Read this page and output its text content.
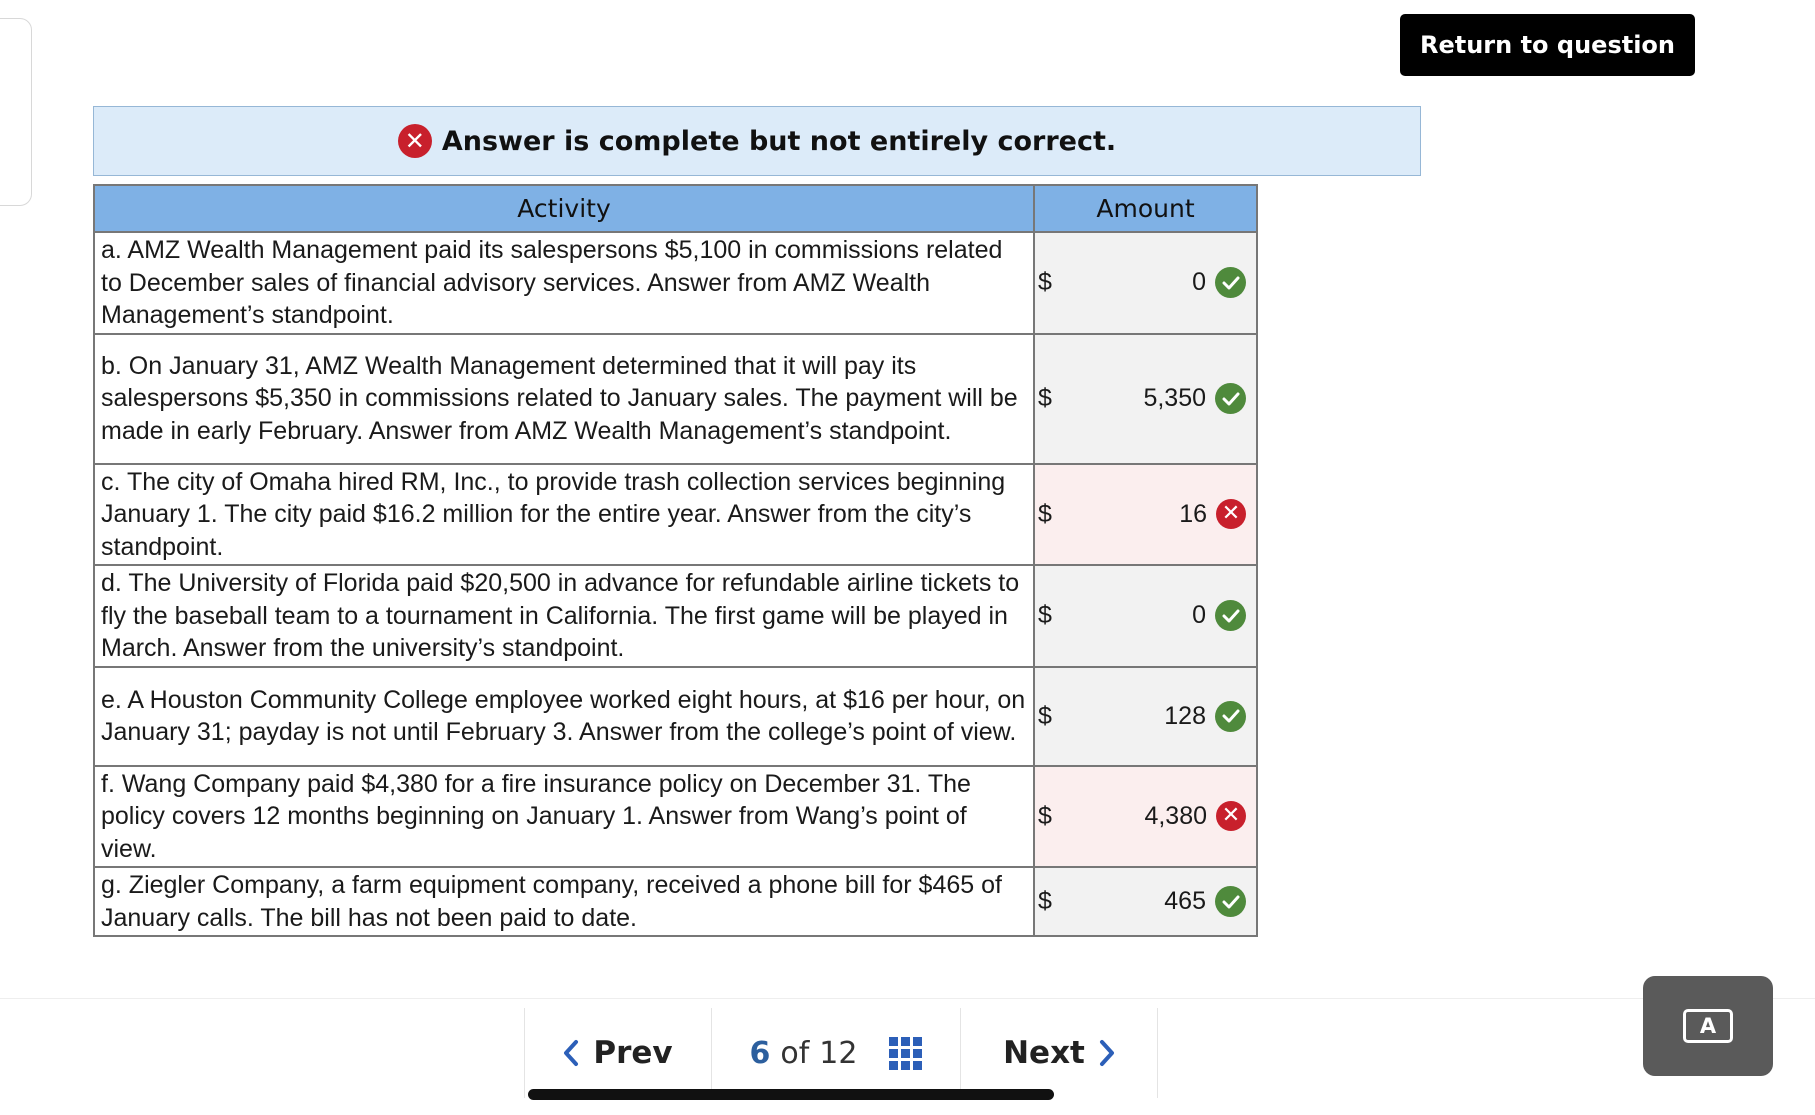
Return to question
✕ Answer is complete but not entirely correct.
Activity	Amount
a. AMZ Wealth Management paid its salespersons $5,100 in commissions related to December sales of financial advisory services. Answer from AMZ Wealth Management’s standpoint.	$ 0

b. On January 31, AMZ Wealth Management determined that it will pay its salespersons $5,350 in commissions related to January sales. The payment will be made in early February. Answer from AMZ Wealth Management’s standpoint.	$ 5,350

c. The city of Omaha hired RM, Inc., to provide trash collection services beginning January 1. The city paid $16.2 million for the entire year. Answer from the city’s standpoint.	$ 16 ✕

d. The University of Florida paid $20,500 in advance for refundable airline tickets to fly the baseball team to a tournament in California. The first game will be played in March. Answer from the university’s standpoint.	$ 0

e. A Houston Community College employee worked eight hours, at $16 per hour, on January 31; payday is not until February 3. Answer from the college’s point of view.	$ 128

f. Wang Company paid $4,380 for a fire insurance policy on December 31. The policy covers 12 months beginning on January 1. Answer from Wang’s point of view.	$ 4,380 ✕

g. Ziegler Company, a farm equipment company, received a phone bill for $465 of January calls. The bill has not been paid to date.	$ 465
Prev	6 of 12	Next
A
